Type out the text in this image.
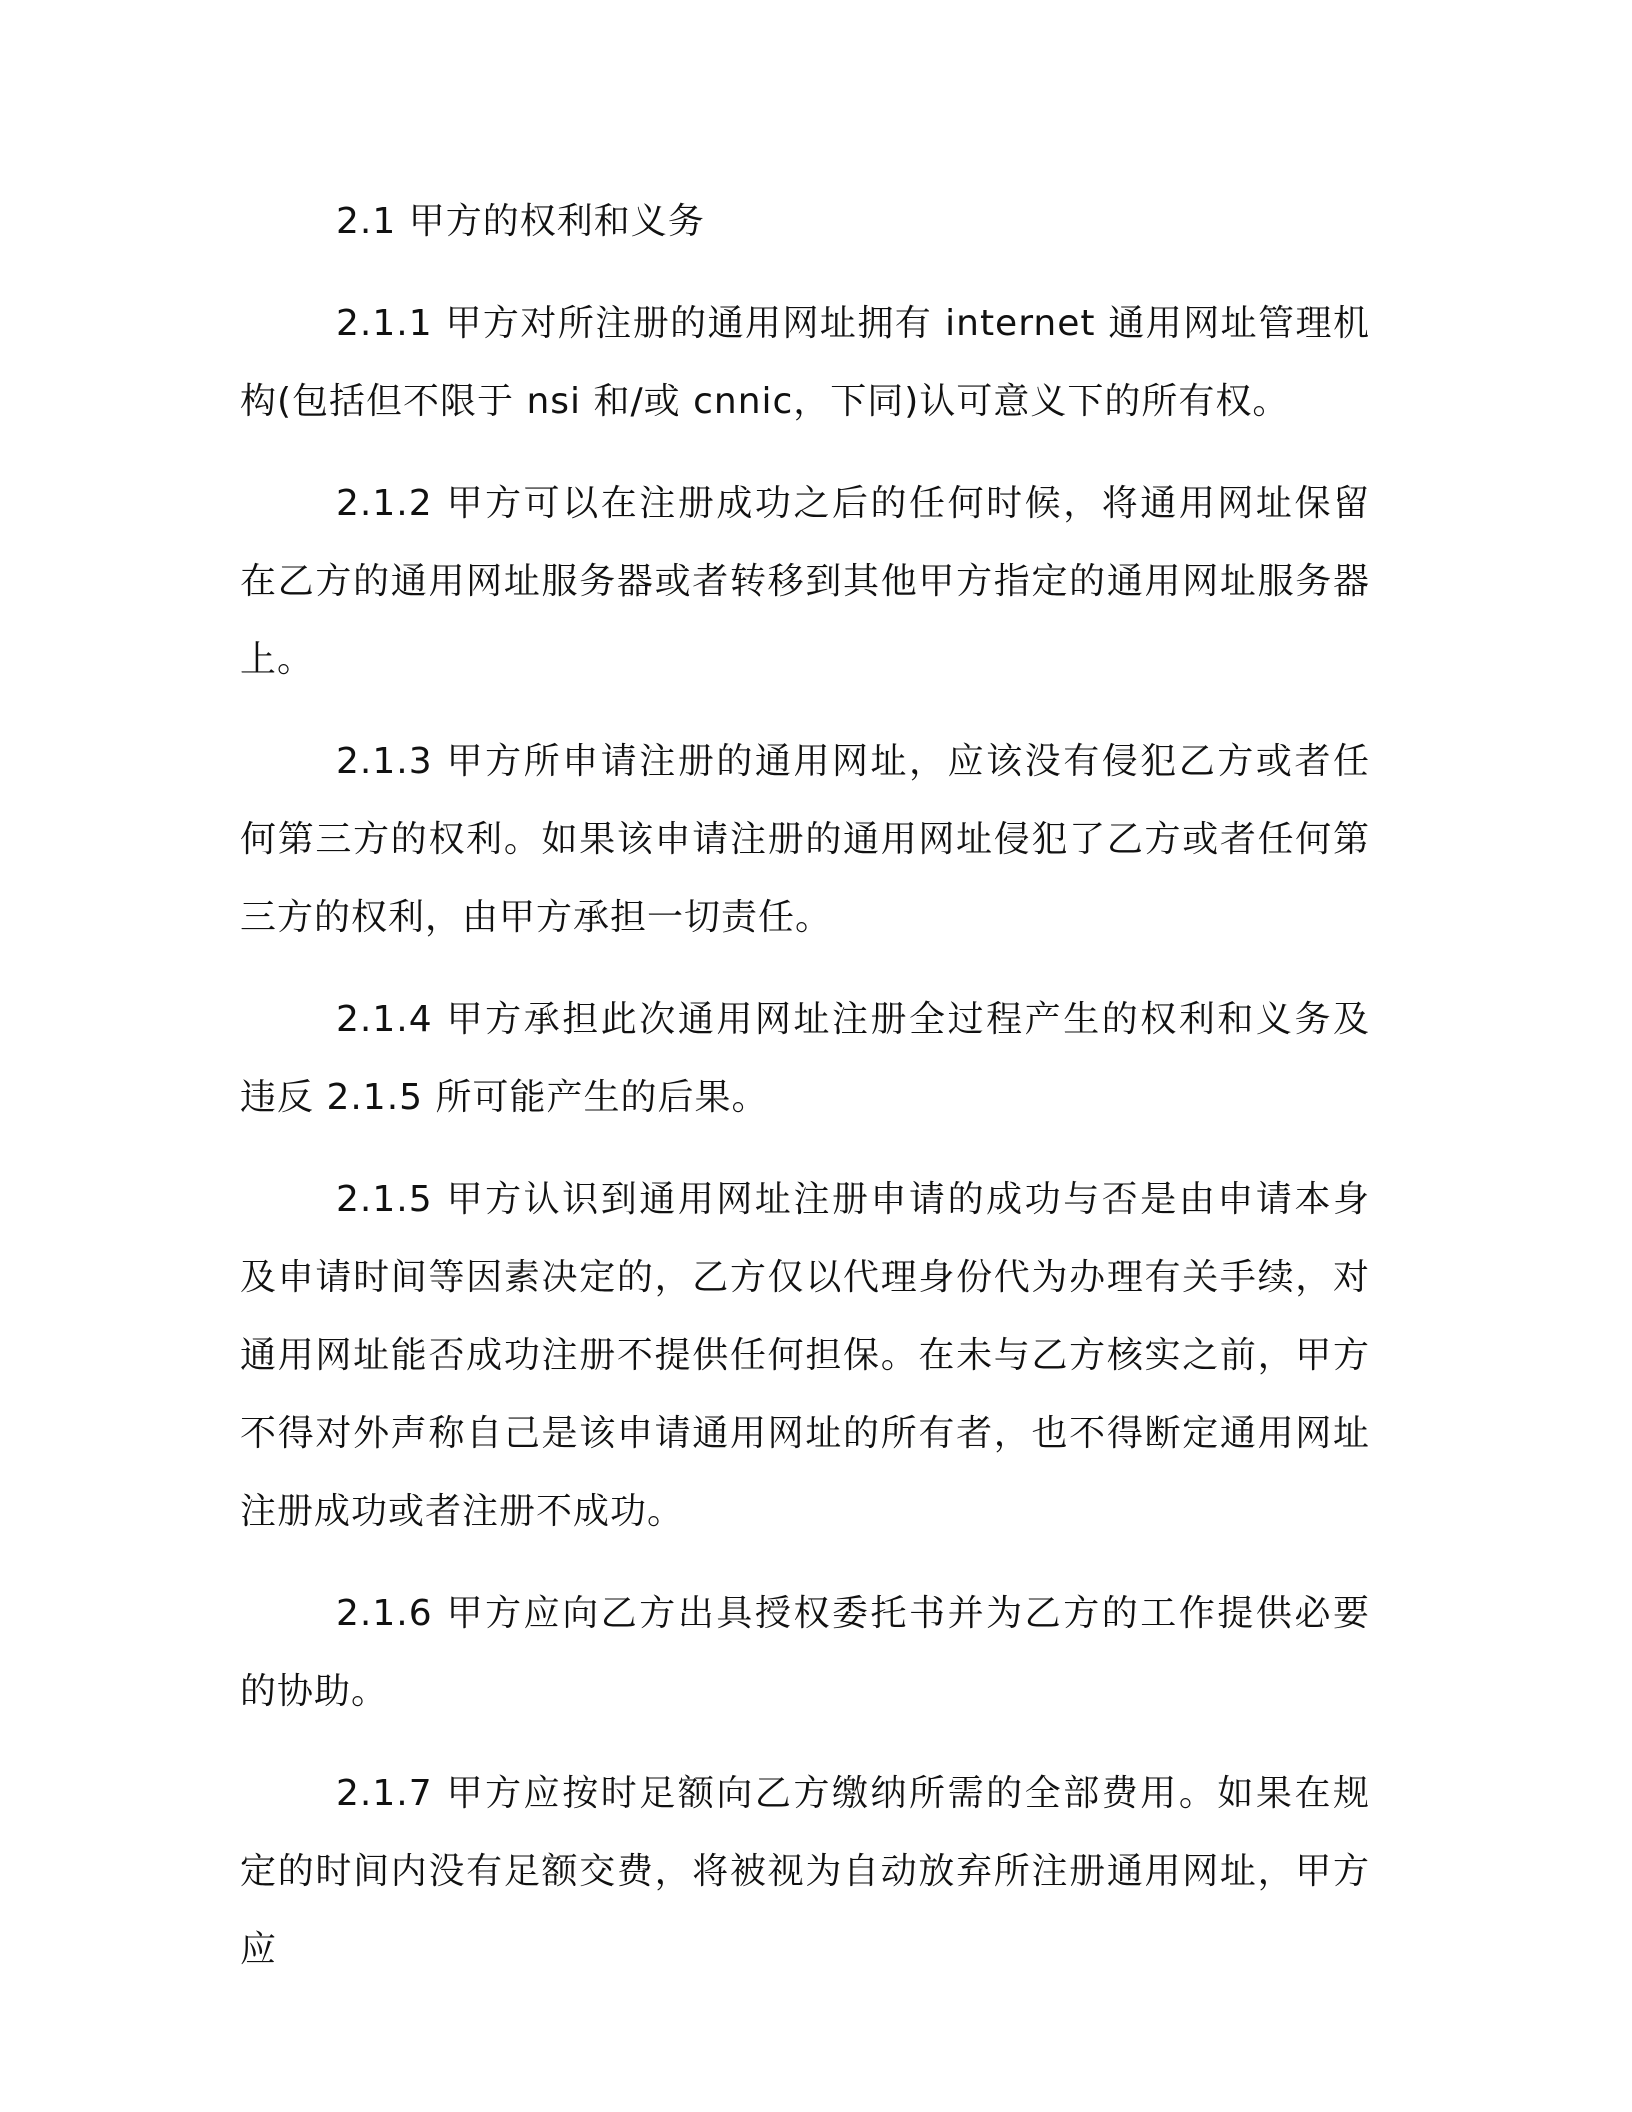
2.1 甲方的权利和义务

2.1.1 甲方对所注册的通用网址拥有 internet 通用网址管理机构(包括但不限于 nsi 和/或 cnnic，下同)认可意义下的所有权。

2.1.2 甲方可以在注册成功之后的任何时候，将通用网址保留在乙方的通用网址服务器或者转移到其他甲方指定的通用网址服务器上。

2.1.3 甲方所申请注册的通用网址，应该没有侵犯乙方或者任何第三方的权利。如果该申请注册的通用网址侵犯了乙方或者任何第三方的权利，由甲方承担一切责任。

2.1.4 甲方承担此次通用网址注册全过程产生的权利和义务及违反 2.1.5 所可能产生的后果。

2.1.5 甲方认识到通用网址注册申请的成功与否是由申请本身及申请时间等因素决定的，乙方仅以代理身份代为办理有关手续，对通用网址能否成功注册不提供任何担保。在未与乙方核实之前，甲方不得对外声称自己是该申请通用网址的所有者，也不得断定通用网址注册成功或者注册不成功。

2.1.6 甲方应向乙方出具授权委托书并为乙方的工作提供必要的协助。

2.1.7 甲方应按时足额向乙方缴纳所需的全部费用。如果在规定的时间内没有足额交费，将被视为自动放弃所注册通用网址，甲方应
